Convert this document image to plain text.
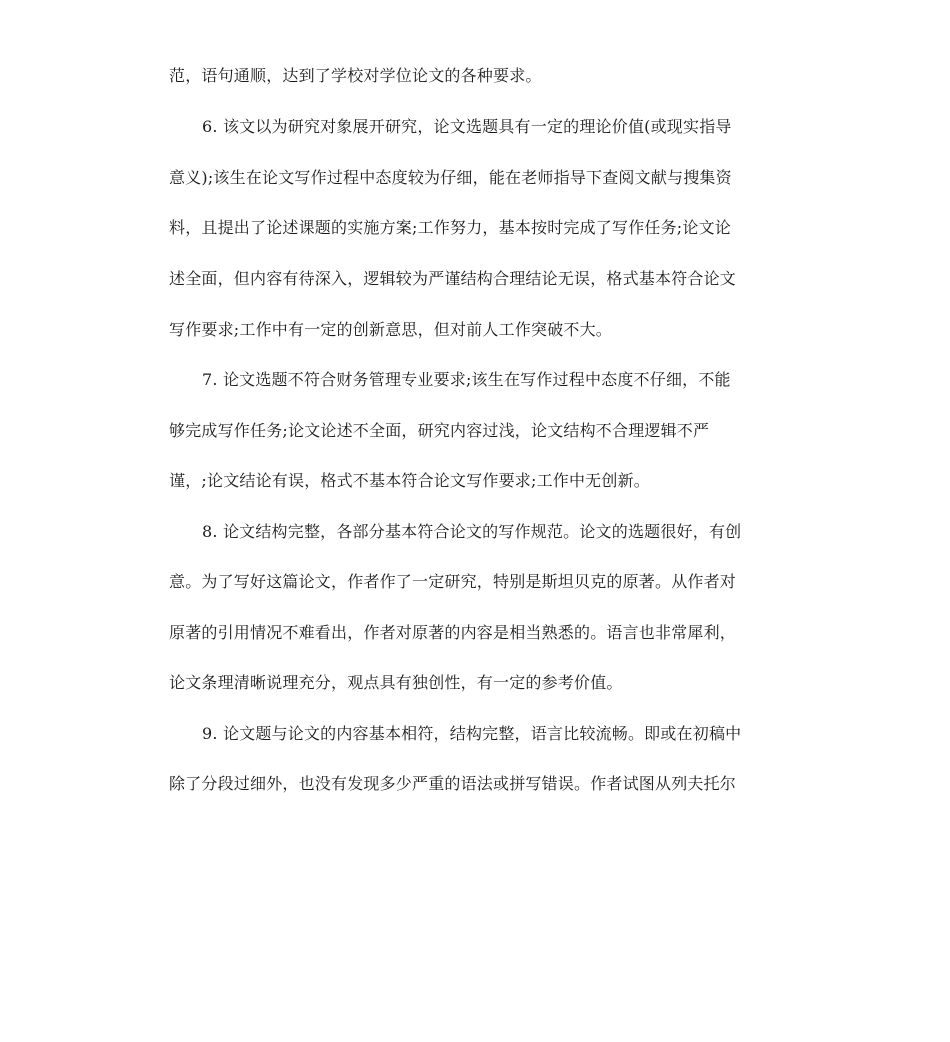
范，语句通顺，达到了学校对学位论文的各种要求。
6. 该文以为研究对象展开研究，论文选题具有一定的理论价值(或现实指导
意义);该生在论文写作过程中态度较为仔细，能在老师指导下查阅文献与搜集资
料，且提出了论述课题的实施方案;工作努力，基本按时完成了写作任务;论文论
述全面，但内容有待深入，逻辑较为严谨结构合理结论无误，格式基本符合论文
写作要求;工作中有一定的创新意思，但对前人工作突破不大。
7. 论文选题不符合财务管理专业要求;该生在写作过程中态度不仔细，不能
够完成写作任务;论文论述不全面，研究内容过浅，论文结构不合理逻辑不严
谨，;论文结论有误，格式不基本符合论文写作要求;工作中无创新。
8. 论文结构完整，各部分基本符合论文的写作规范。论文的选题很好，有创
意。为了写好这篇论文，作者作了一定研究，特别是斯坦贝克的原著。从作者对
原著的引用情况不难看出，作者对原著的内容是相当熟悉的。语言也非常犀利，
论文条理清晰说理充分，观点具有独创性，有一定的参考价值。
9. 论文题与论文的内容基本相符，结构完整，语言比较流畅。即或在初稿中
除了分段过细外，也没有发现多少严重的语法或拼写错误。作者试图从列夫托尔
